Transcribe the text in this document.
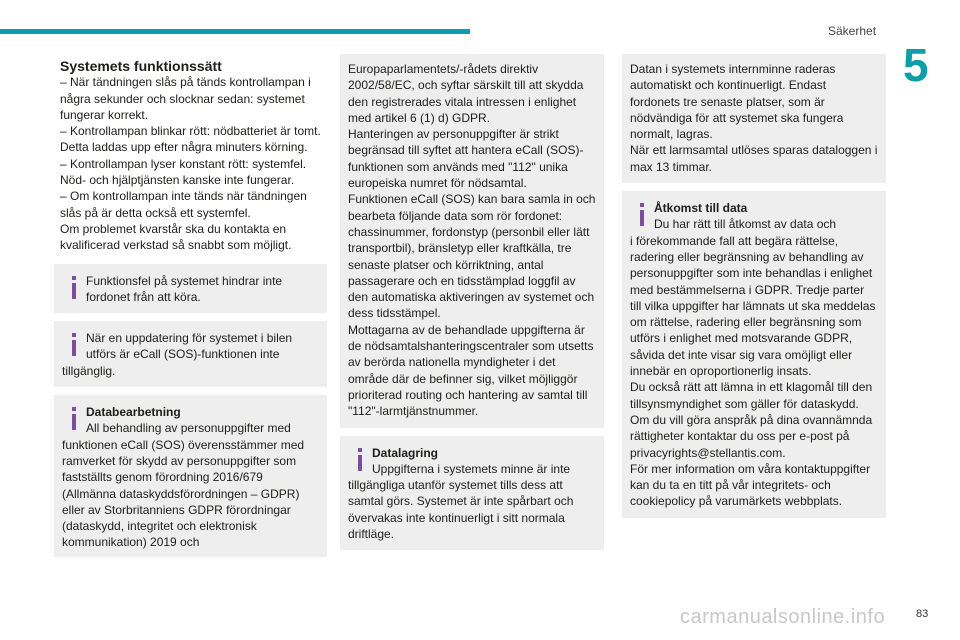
Säkerhet
5
83
carmanualsonline.info

Systemets funktionssätt

– När tändningen slås på tänds kontrollampan i några sekunder och slocknar sedan: systemet fungerar korrekt.

– Kontrollampan blinkar rött: nödbatteriet är tomt. Detta laddas upp efter några minuters körning.

– Kontrollampan lyser konstant rött: systemfel. Nöd- och hjälptjänsten kanske inte fungerar.

– Om kontrollampan inte tänds när tändningen slås på är detta också ett systemfel.

Om problemet kvarstår ska du kontakta en kvalificerad verkstad så snabbt som möjligt.

Funktionsfel på systemet hindrar inte
fordonet från att köra.
När en uppdatering för systemet i bilen
utförs är eCall (SOS)-funktionen inte
tillgänglig.
Databearbetning
All behandling av personuppgifter med
funktionen eCall (SOS) överensstämmer med ramverket för skydd av personuppgifter som fastställts genom förordning 2016/679 (Allmänna dataskyddsförordningen – GDPR) eller av Storbritanniens GDPR förordningar (dataskydd, integritet och elektronisk kommunikation) 2019 och

Europaparlamentets/-rådets direktiv 2002/58/EC, och syftar särskilt till att skydda den registrerades vitala intressen i enlighet med artikel 6 (1) d) GDPR.

Hanteringen av personuppgifter är strikt begränsad till syftet att hantera eCall (SOS)-funktionen som används med "112" unika europeiska numret för nödsamtal.

Funktionen eCall (SOS) kan bara samla in och bearbeta följande data som rör fordonet: chassinummer, fordonstyp (personbil eller lätt transportbil), bränsletyp eller kraftkälla, tre senaste platser och körriktning, antal passagerare och en tidsstämplad loggfil av den automatiska aktiveringen av systemet och dess tidsstämpel.

Mottagarna av de behandlade uppgifterna är de nödsamtalshanteringscentraler som utsetts av berörda nationella myndigheter i det område där de befinner sig, vilket möjliggör prioriterad routing och hantering av samtal till "112"-larmtjänstnummer.

Datalagring
Uppgifterna i systemets minne är inte
tillgängliga utanför systemet tills dess att samtal görs. Systemet är inte spårbart och övervakas inte kontinuerligt i sitt normala driftläge.

Datan i systemets internminne raderas automatiskt och kontinuerligt. Endast fordonets tre senaste platser, som är nödvändiga för att systemet ska fungera normalt, lagras.

När ett larmsamtal utlöses sparas dataloggen i max 13 timmar.

Åtkomst till data
Du har rätt till åtkomst av data och
i förekommande fall att begära rättelse, radering eller begränsning av behandling av personuppgifter som inte behandlas i enlighet med bestämmelserna i GDPR. Tredje parter till vilka uppgifter har lämnats ut ska meddelas om rättelse, radering eller begränsning som utförs i enlighet med motsvarande GDPR, såvida det inte visar sig vara omöjligt eller innebär en oproportionerlig insats.
Du också rätt att lämna in ett klagomål till den tillsynsmyndighet som gäller för dataskydd.
Om du vill göra anspråk på dina ovannämnda rättigheter kontaktar du oss per e-post på privacyrights@stellantis.com.
För mer information om våra kontaktuppgifter kan du ta en titt på vår integritets- och cookiepolicy på varumärkets webbplats.
